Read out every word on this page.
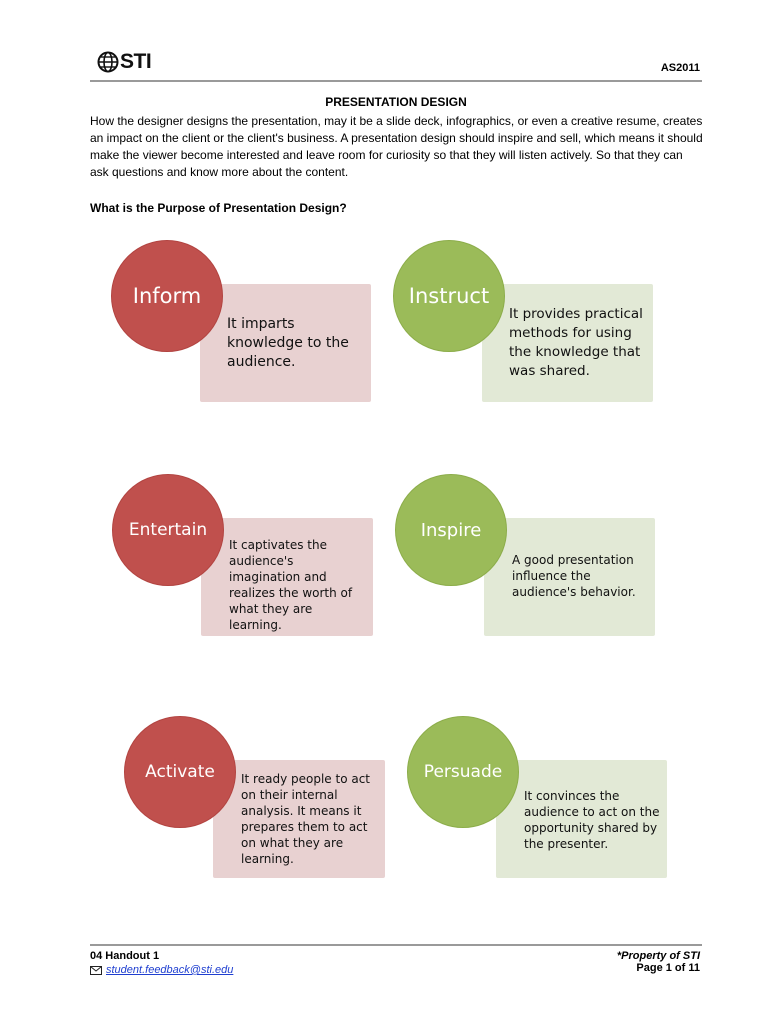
STI	AS2011
PRESENTATION DESIGN
How the designer designs the presentation, may it be a slide deck, infographics, or even a creative resume, creates an impact on the client or the client's business. A presentation design should inspire and sell, which means it should make the viewer become interested and leave room for curiosity so that they will listen actively. So that they can ask questions and know more about the content.
What is the Purpose of Presentation Design?
It imparts knowledge to the audience.
Inform
It provides practical methods for using the knowledge that was shared.
Instruct
It captivates the audience's imagination and realizes the worth of what they are learning.
Entertain
A good presentation influence the audience's behavior.
Inspire
It ready people to act on their internal analysis. It means it prepares them to act on what they are learning.
Activate
It convinces the audience to act on the opportunity shared by the presenter.
Persuade
04 Handout 1
student.feedback@sti.edu
*Property of STI
Page 1 of 11
